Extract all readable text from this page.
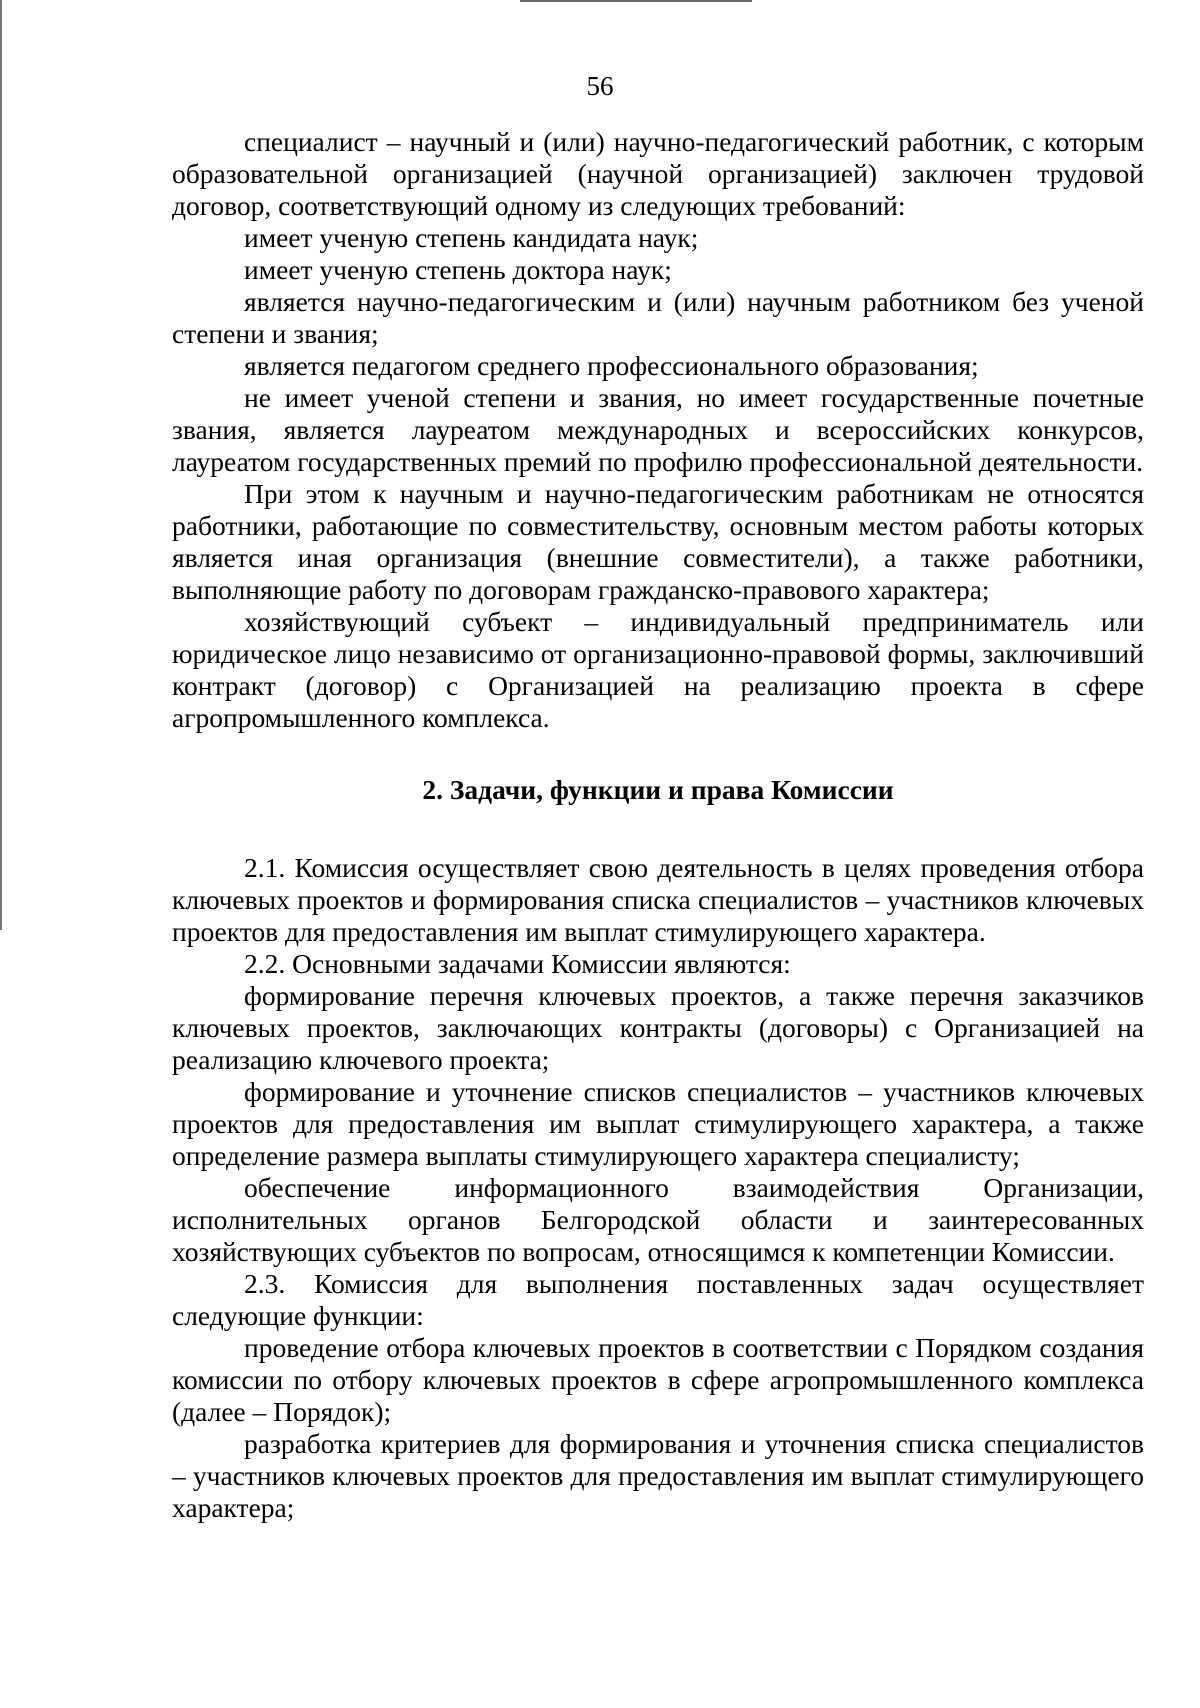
56

специалист – научный и (или) научно-педагогический работник, с которым образовательной организацией (научной организацией) заключен трудовой договор, соответствующий одному из следующих требований:

имеет ученую степень кандидата наук;

имеет ученую степень доктора наук;

является научно-педагогическим и (или) научным работником без ученой степени и звания;

является педагогом среднего профессионального образования;

не имеет ученой степени и звания, но имеет государственные почетные звания, является лауреатом международных и всероссийских конкурсов, лауреатом государственных премий по профилю профессиональной деятельности.

При этом к научным и научно-педагогическим работникам не относятся работники, работающие по совместительству, основным местом работы которых является иная организация (внешние совместители), а также работники, выполняющие работу по договорам гражданско-правового характера;

хозяйствующий субъект – индивидуальный предприниматель или юридическое лицо независимо от организационно-правовой формы, заключивший контракт (договор) с Организацией на реализацию проекта в сфере агропромышленного комплекса.

2. Задачи, функции и права Комиссии

2.1. Комиссия осуществляет свою деятельность в целях проведения отбора ключевых проектов и формирования списка специалистов – участников ключевых проектов для предоставления им выплат стимулирующего характера.

2.2. Основными задачами Комиссии являются:

формирование перечня ключевых проектов, а также перечня заказчиков ключевых проектов, заключающих контракты (договоры) с Организацией на реализацию ключевого проекта;

формирование и уточнение списков специалистов – участников ключевых проектов для предоставления им выплат стимулирующего характера, а также определение размера выплаты стимулирующего характера специалисту;

обеспечение информационного взаимодействия Организации, исполнительных органов Белгородской области и заинтересованных хозяйствующих субъектов по вопросам, относящимся к компетенции Комиссии.

2.3. Комиссия для выполнения поставленных задач осуществляет следующие функции:

проведение отбора ключевых проектов в соответствии с Порядком создания комиссии по отбору ключевых проектов в сфере агропромышленного комплекса (далее – Порядок);

разработка критериев для формирования и уточнения списка специалистов – участников ключевых проектов для предоставления им выплат стимулирующего характера;
